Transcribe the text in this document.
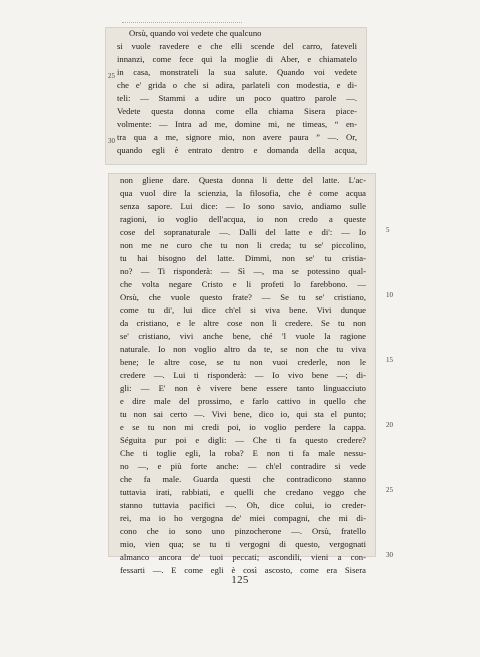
Orsù, quando voi vedete che qualcuno
si vuole ravedere e che elli scende del carro, fateveli
innanzi, come fece qui la moglie di Aber, e chiamatelo
in casa, monstrateli la sua salute. Quando voi vedete
che e' grida o che si adira, parlateli con modestia, e di-
teli: — Stammi a udire un poco quattro parole —.
Vedete questa donna come ella chiama Sisera piace-
volmente: — Intra ad me, domine mi, ne timeas, “ en-
tra qua a me, signore mio, non avere paura ” —. Or,
quando egli è entrato dentro e domanda della acqua,
25
30
non gliene dare. Questa donna li dette del latte. L'ac-
qua vuol dire la scienzia, la filosofia, che è come acqua
senza sapore. Lui dice: — Io sono savio, andiamo sulle
ragioni, io voglio dell'acqua, io non credo a queste
cose del sopranaturale —. Dalli del latte e di': — Io
non me ne curo che tu non li creda; tu se' piccolino,
tu hai bisogno del latte. Dimmi, non se' tu cristia-
no? — Ti risponderà: — Sì —, ma se potessino qual-
che volta negare Cristo e li profeti lo farebbono. —
Orsù, che vuole questo frate? — Se tu se' cristiano,
come tu di', lui dice ch'el si viva bene. Vivi dunque
da cristiano, e le altre cose non li credere. Se tu non
se' cristiano, vivi anche bene, ché 'l vuole la ragione
naturale. Io non voglio altro da te, se non che tu viva
bene; le altre cose, se tu non vuoi crederle, non le
credere —. Lui ti risponderà: — Io vivo bene —; di-
gli: — E' non è vivere bene essere tanto linguacciuto
e dire male del prossimo, e farlo cattivo in quello che
tu non sai certo —. Vivi bene, dico io, qui sta el punto;
e se tu non mi credi poi, io voglio perdere la cappa.
Séguita pur poi e digli: — Che ti fa questo credere?
Che ti toglie egli, la roba? E non ti fa male nessu-
no —, e più forte anche: — ch'el contradire si vede
che fa male. Guarda questi che contradicono stanno
tuttavia irati, rabbiati, e quelli che credano veggo che
stanno tuttavia pacifici —. Oh, dice colui, io creder-
rei, ma io ho vergogna de' miei compagni, che mi di-
cono che io sono uno pinzocherone —. Orsù, fratello
mio, vien qua; se tu ti vergogni di questo, vergognati
almanco ancora de' tuoi peccati; ascondili, vieni a con-
fessarti —. E come egli è così ascosto, come era Sisera
5
10
15
20
25
30
125
